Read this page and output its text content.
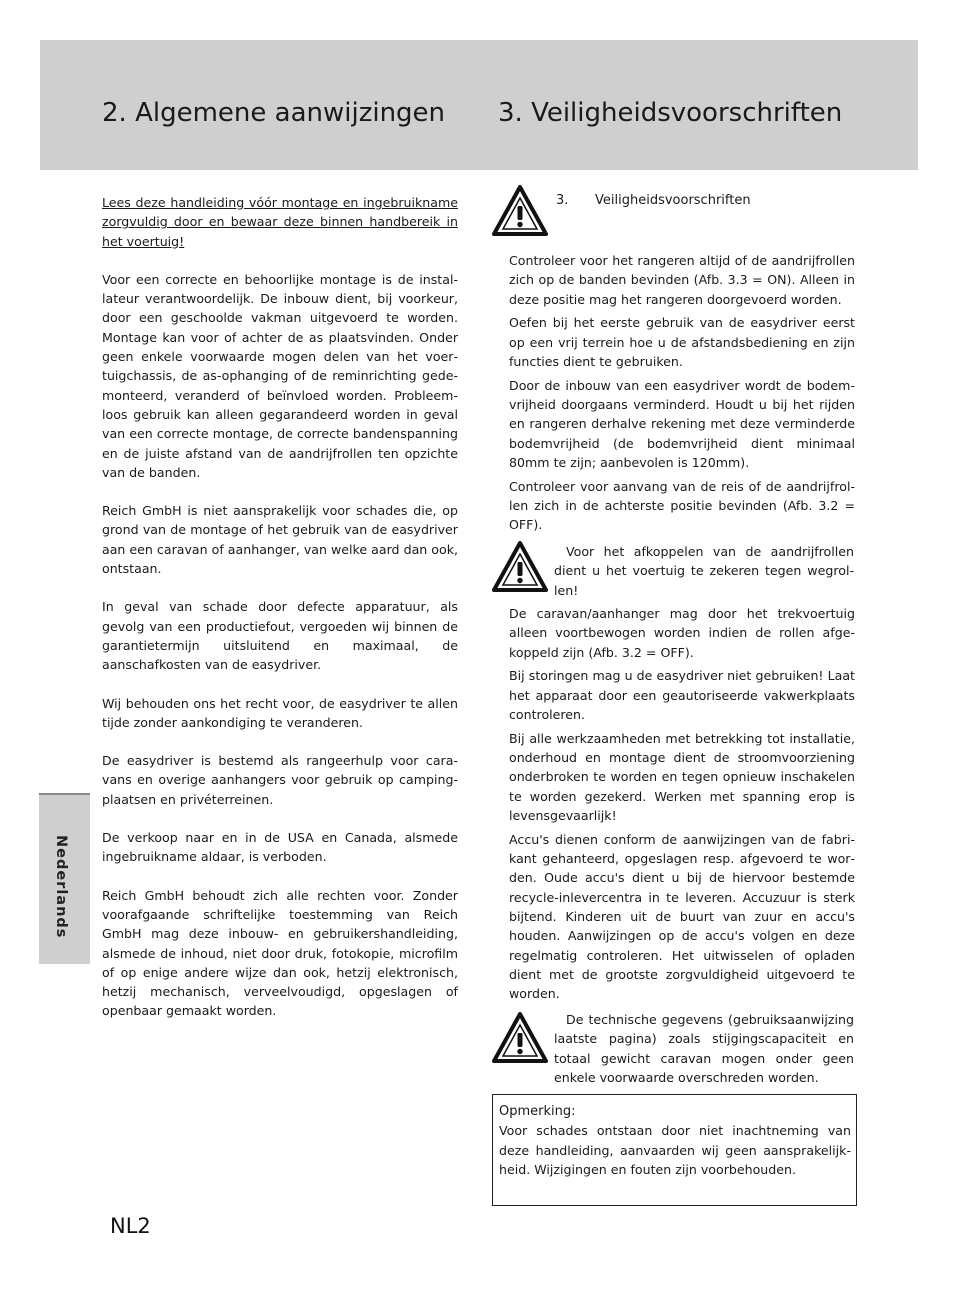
2. Algemene aanwijzingen 3. Veiligheidsvoorschriften

Lees deze handleiding vóór montage en ingebruikname zorgvuldig door en bewaar deze binnen handbereik in het voertuig!

Voor een correcte en behoorlijke montage is de installateur verantwoordelijk. De inbouw dient, bij voorkeur, door een geschoolde vakman uitgevoerd te worden. Montage kan voor of achter de as plaatsvinden. Onder geen enkele voorwaarde mogen delen van het voertuigchassis, de as-ophanging of de reminrichting gedemonteerd, veranderd of beïnvloed worden. Probleemloos gebruik kan alleen gegarandeerd worden in geval van een correcte montage, de correcte bandenspanning en de juiste afstand van de aandrijfrollen ten opzichte van de banden.

Reich GmbH is niet aansprakelijk voor schades die, op grond van de montage of het gebruik van de easydriver aan een caravan of aanhanger, van welke aard dan ook, ontstaan.

In geval van schade door defecte apparatuur, als gevolg van een productiefout, vergoeden wij binnen de garantietermijn uitsluitend en maximaal, de aanschafkosten van de easydriver.

Wij behouden ons het recht voor, de easydriver te allen tijde zonder aankondiging te veranderen.

De easydriver is bestemd als rangeerhulp voor caravans en overige aanhangers voor gebruik op campingplaatsen en privéterreinen.

De verkoop naar en in de USA en Canada, alsmede ingebruikname aldaar, is verboden.

Reich GmbH behoudt zich alle rechten voor. Zonder voorafgaande schriftelijke toestemming van Reich GmbH mag deze inbouw- en gebruikershandleiding, alsmede de inhoud, niet door druk, fotokopie, microfilm of op enige andere wijze dan ook, hetzij elektronisch, hetzij mechanisch, verveelvoudigd, opgeslagen of openbaar gemaakt worden.

3. Veiligheidsvoorschriften

Controleer voor het rangeren altijd of de aandrijfrollen zich op de banden bevinden (Afb. 3.3 = ON). Alleen in deze positie mag het rangeren doorgevoerd worden.

Oefen bij het eerste gebruik van de easydriver eerst op een vrij terrein hoe u de afstandsbediening en zijn functies dient te gebruiken.

Door de inbouw van een easydriver wordt de bodemvrijheid doorgaans verminderd. Houdt u bij het rijden en rangeren derhalve rekening met deze verminderde bodemvrijheid (de bodemvrijheid dient minimaal 80mm te zijn; aanbevolen is 120mm).

Controleer voor aanvang van de reis of de aandrijfrollen zich in de achterste positie bevinden (Afb. 3.2 = OFF).

Voor het afkoppelen van de aandrijfrollen dient u het voertuig te zekeren tegen wegrollen!

De caravan/aanhanger mag door het trekvoertuig alleen voortbewogen worden indien de rollen afgekoppeld zijn (Afb. 3.2 = OFF).

Bij storingen mag u de easydriver niet gebruiken! Laat het apparaat door een geautoriseerde vakwerkplaats controleren.

Bij alle werkzaamheden met betrekking tot installatie, onderhoud en montage dient de stroomvoorziening onderbroken te worden en tegen opnieuw inschakelen te worden gezekerd. Werken met spanning erop is levensgevaarlijk!

Accu's dienen conform de aanwijzingen van de fabrikant gehanteerd, opgeslagen resp. afgevoerd te worden. Oude accu's dient u bij de hiervoor bestemde recycle-inlevercentra in te leveren. Accuzuur is sterk bijtend. Kinderen uit de buurt van zuur en accu's houden. Aanwijzingen op de accu's volgen en deze regelmatig controleren. Het uitwisselen of opladen dient met de grootste zorgvuldigheid uitgevoerd te worden.

De technische gegevens (gebruiksaanwijzing laatste pagina) zoals stijgingscapaciteit en totaal gewicht caravan mogen onder geen enkele voorwaarde overschreden worden.
Opmerking:
Voor schades ontstaan door niet inachtneming van deze handleiding, aanvaarden wij geen aansprakelijkheid. Wijzigingen en fouten zijn voorbehouden.
Nederlands
NL2
